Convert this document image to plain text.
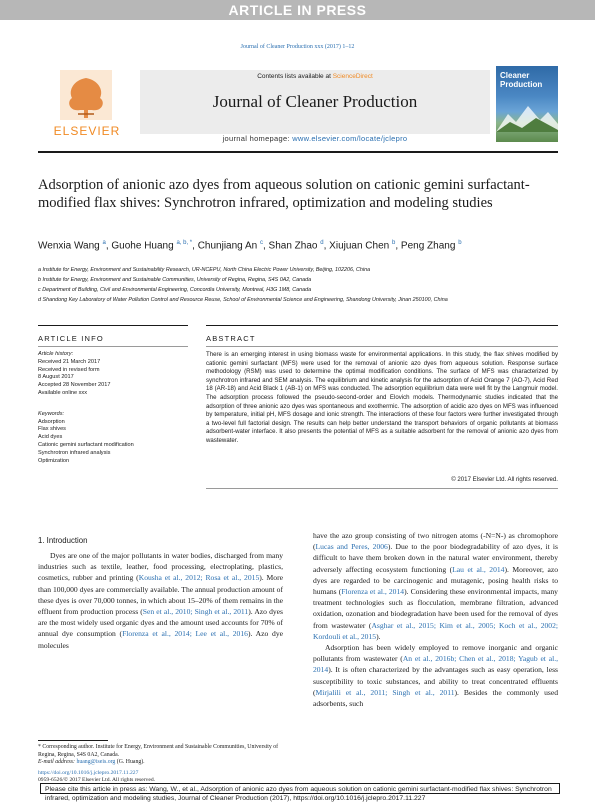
ARTICLE IN PRESS
Journal of Cleaner Production xxx (2017) 1–12
ELSEVIER
Contents lists available at ScienceDirect
Journal of Cleaner Production
journal homepage: www.elsevier.com/locate/jclepro
Cleaner Production
Adsorption of anionic azo dyes from aqueous solution on cationic gemini surfactant-modified flax shives: Synchrotron infrared, optimization and modeling studies
Wenxia Wang $^a$, Guohe Huang $^{a, b, *}$, Chunjiang An $^c$, Shan Zhao $^d$, Xiujuan Chen $^b$, Peng Zhang $^b$
a Institute for Energy, Environment and Sustainability Research, UR-NCEPU, North China Electric Power University, Beijing, 102206, China
b Institute for Energy, Environment and Sustainable Communities, University of Regina, Regina, S4S 0A2, Canada
c Department of Building, Civil and Environmental Engineering, Concordia University, Montreal, H3G 1M8, Canada
d Shandong Key Laboratory of Water Pollution Control and Resource Reuse, School of Environmental Science and Engineering, Shandong University, Jinan 250100, China
ARTICLE INFO	ABSTRACT
Article history:
Received 21 March 2017
Received in revised form
8 August 2017
Accepted 28 November 2017
Available online xxx
Keywords:
Adsorption
Flax shives
Acid dyes
Cationic gemini surfactant modification
Synchrotron infrared analysis
Optimization
There is an emerging interest in using biomass waste for environmental applications. In this study, the flax shives modified by cationic gemini surfactant (MFS) were used for the removal of anionic azo dyes from aqueous solution. Response surface methodology (RSM) was used to determine the optimal modification conditions. The surface of MFS was characterized by synchrotron infrared and SEM analysis. The equilibrium and kinetic analysis for the adsorption of Acid Orange 7 (AO-7), Acid Red 18 (AR-18) and Acid Black 1 (AB-1) on MFS was conducted. The adsorption equilibrium data were well fit by the Langmuir model. The adsorption process followed the pseudo-second-order and Elovich models. Thermodynamic studies indicated that the adsorption of three anionic azo dyes was spontaneous and exothermic. The adsorption of acidic azo dyes on MFS was influenced by temperature, initial pH, MFS dosage and ionic strength. The interactions of these four factors were further investigated through a two-level full factorial design. The results can help better understand the transport behaviors of organic pollutants at biomass adsorbent-water interface. It also presents the potential of MFS as a suitable adsorbent for the removal of anionic azo dyes from wastewater.
© 2017 Elsevier Ltd. All rights reserved.
1. Introduction
Dyes are one of the major pollutants in water bodies, discharged from many industries such as textile, leather, food processing, electroplating, plastics, cosmetics, rubber and printing (Kousha et al., 2012; Rosa et al., 2015). More than 100,000 dyes are commercially available. The annual production amount of these dyes is over 70,000 tonnes, in which about 15–20% of them remains in the effluent from production process (Sen et al., 2010; Singh et al., 2011). Azo dyes are the most widely used organic dyes and the amount used accounts for 70% of annual dye consumption (Florenza et al., 2014; Lee et al., 2016). Azo dye molecules
have the azo group consisting of two nitrogen atoms (-N=N-) as chromophore (Lucas and Peres, 2006). Due to the poor biodegradability of azo dyes, it is difficult to have them broken down in the natural water environment, thereby adversely affecting ecosystem functioning (Lau et al., 2014). Moreover, azo dyes are regarded to be carcinogenic and mutagenic, posing health risks to humans (Florenza et al., 2014). Considering these environmental impacts, many treatment technologies such as flocculation, membrane filtration, advanced oxidation, ozonation and biodegradation have been used for the removal of dyes from wastewater (Asghar et al., 2015; Kim et al., 2005; Koch et al., 2002; Kordouli et al., 2015).
Adsorption has been widely employed to remove inorganic and organic pollutants from wastewater (An et al., 2016b; Chen et al., 2018; Yagub et al., 2014). It is often characterized by the advantages such as easy operation, less susceptibility to toxic substances, and ability to treat concentrated effluents (Mirjalili et al., 2011; Singh et al., 2011). Besides the commonly used adsorbents, such
* Corresponding author. Institute for Energy, Environment and Sustainable Communities, University of Regina, Regina, S4S 0A2, Canada.
E-mail address: huang@iseis.org (G. Huang).
https://doi.org/10.1016/j.jclepro.2017.11.227
0959-6526/© 2017 Elsevier Ltd. All rights reserved.
Please cite this article in press as: Wang, W., et al., Adsorption of anionic azo dyes from aqueous solution on cationic gemini surfactant-modified flax shives: Synchrotron infrared, optimization and modeling studies, Journal of Cleaner Production (2017), https://doi.org/10.1016/j.jclepro.2017.11.227
